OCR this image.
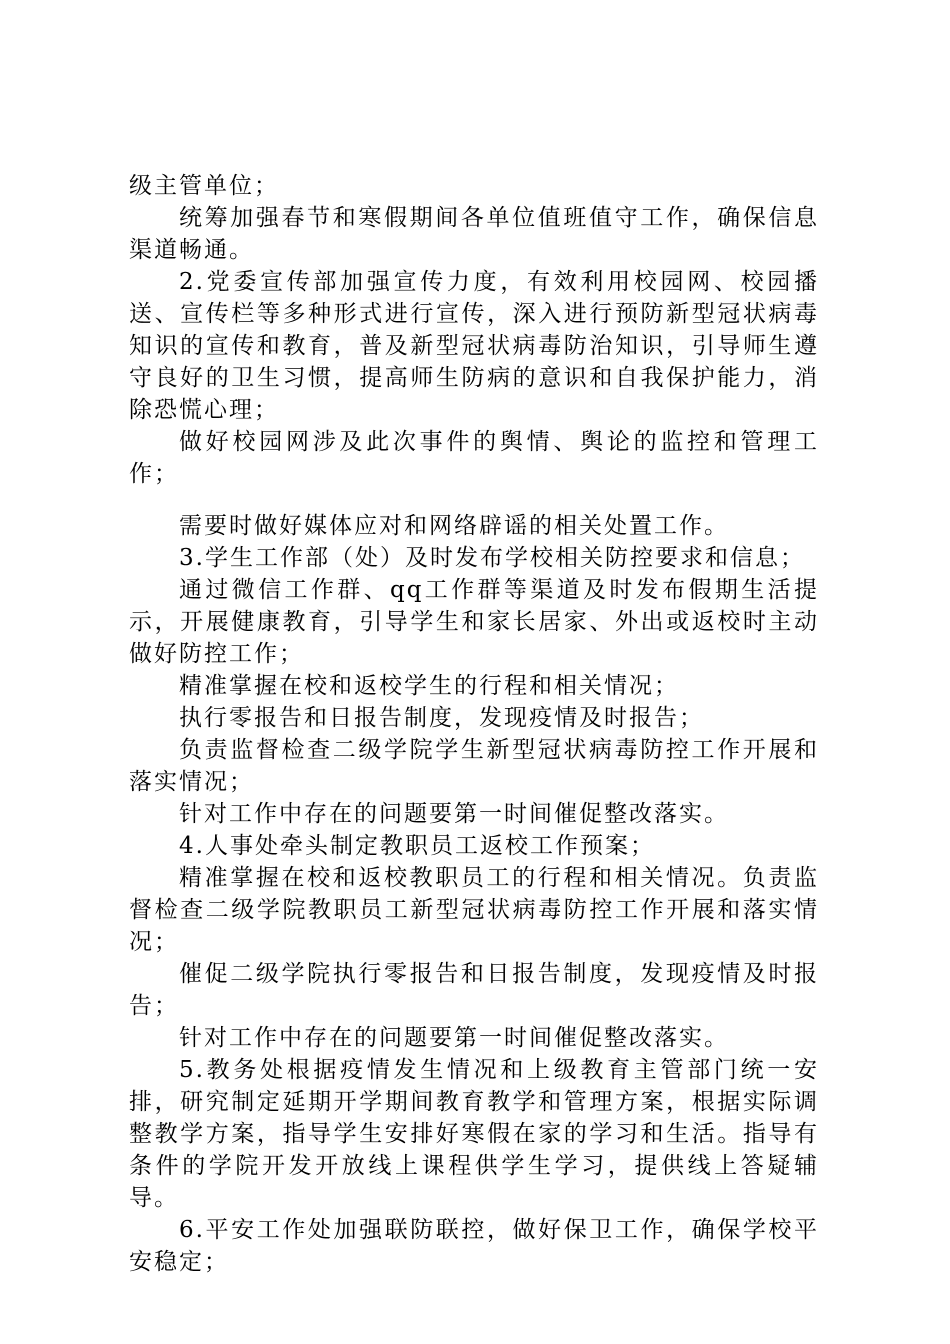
级主管单位；

统筹加强春节和寒假期间各单位值班值守工作，确保信息渠道畅通。

2.党委宣传部加强宣传力度，有效利用校园网、校园播送、宣传栏等多种形式进行宣传，深入进行预防新型冠状病毒知识的宣传和教育，普及新型冠状病毒防治知识，引导师生遵守良好的卫生习惯，提高师生防病的意识和自我保护能力，消除恐慌心理；

做好校园网涉及此次事件的舆情、舆论的监控和管理工作；

需要时做好媒体应对和网络辟谣的相关处置工作。

3.学生工作部（处）及时发布学校相关防控要求和信息；

通过微信工作群、qq工作群等渠道及时发布假期生活提示，开展健康教育，引导学生和家长居家、外出或返校时主动做好防控工作；

精准掌握在校和返校学生的行程和相关情况；

执行零报告和日报告制度，发现疫情及时报告；

负责监督检查二级学院学生新型冠状病毒防控工作开展和落实情况；

针对工作中存在的问题要第一时间催促整改落实。

4.人事处牵头制定教职员工返校工作预案；

精准掌握在校和返校教职员工的行程和相关情况。负责监督检查二级学院教职员工新型冠状病毒防控工作开展和落实情况；

催促二级学院执行零报告和日报告制度，发现疫情及时报告；

针对工作中存在的问题要第一时间催促整改落实。

5.教务处根据疫情发生情况和上级教育主管部门统一安排，研究制定延期开学期间教育教学和管理方案，根据实际调整教学方案，指导学生安排好寒假在家的学习和生活。指导有条件的学院开发开放线上课程供学生学习，提供线上答疑辅导。

6.平安工作处加强联防联控，做好保卫工作，确保学校平安稳定；
